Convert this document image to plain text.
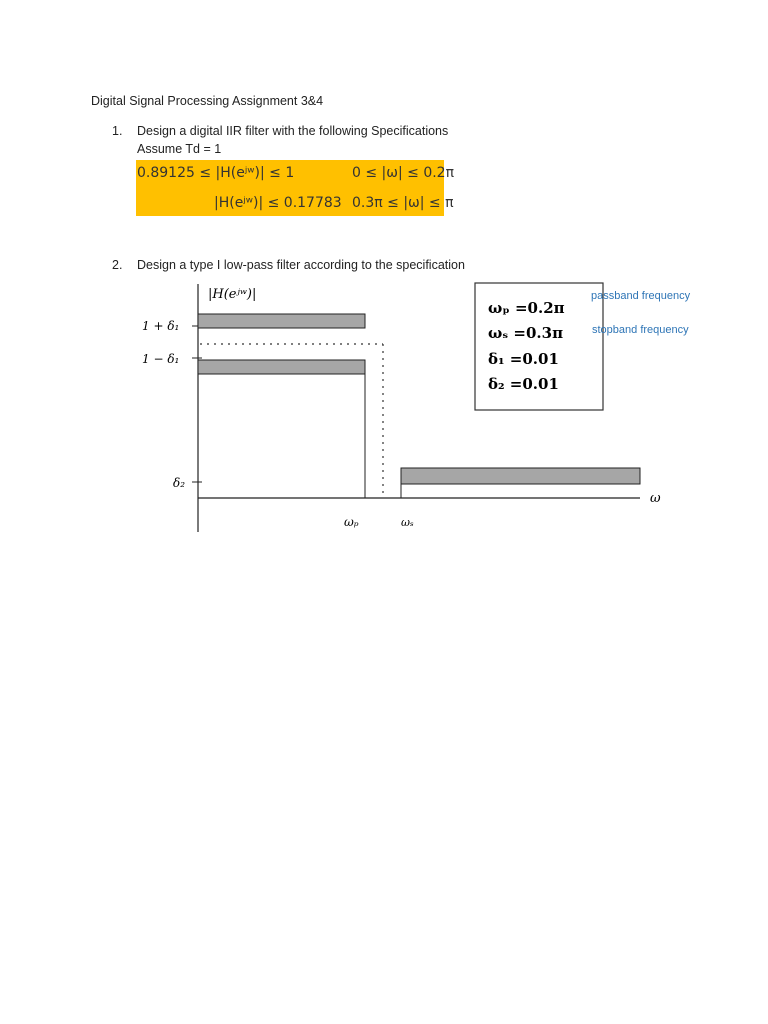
Digital Signal Processing Assignment 3&4
1. Design a digital IIR filter with the following Specifications
Assume Td = 1
0.89125 ≤ |H(eʲʷ)| ≤ 1	0 ≤ |ω| ≤ 0.2π
|H(eʲʷ)| ≤ 0.17783 0.3π ≤ |ω| ≤ π
2. Design a type I low-pass filter according to the specification
|H(eʲʷ)|
ω
1 + δ₁
1 − δ₁
δ₂
ωₚ	ωₛ
ωₚ =0.2π
ωₛ =0.3π
δ₁ =0.01
δ₂ =0.01
passband frequency
stopband frequency
